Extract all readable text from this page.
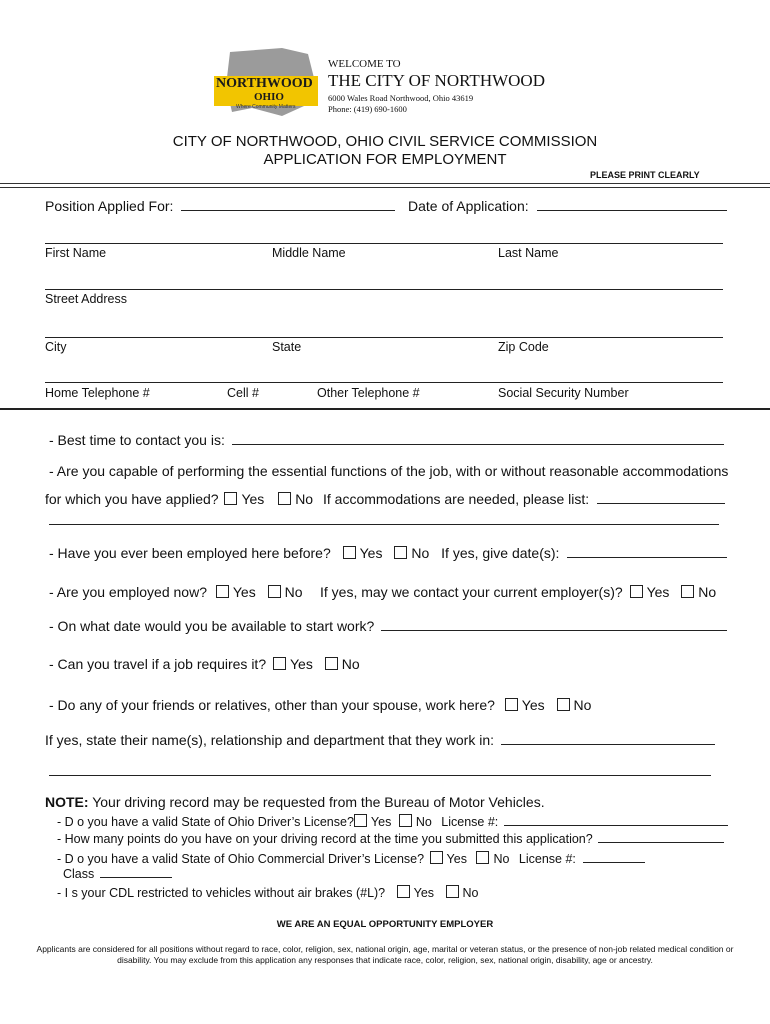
NORTHWOOD
OHIO
Where Community Matters
WELCOME TO
THE CITY OF NORTHWOOD
6000 Wales Road Northwood, Ohio 43619
Phone: (419) 690-1600
CITY OF NORTHWOOD, OHIO CIVIL SERVICE COMMISSION
APPLICATION FOR EMPLOYMENT
PLEASE PRINT CLEARLY
Position Applied For:	Date of Application:
First Name	Middle Name	Last Name
Street Address
City	State	Zip Code
Home Telephone #	Cell #	Other Telephone #	Social Security Number
- Best time to contact you is:
- Are you capable of performing the essential functions of the job, with or without reasonable accommodations
for which you have applied? Yes No If accommodations are needed, please list:
- Have you ever been employed here before? Yes No If yes, give date(s):
- Are you employed now? Yes No If yes, may we contact your current employer(s)? Yes No
- On what date would you be available to start work?
- Can you travel if a job requires it? Yes No
- Do any of your friends or relatives, other than your spouse, work here? Yes No
If yes, state their name(s), relationship and department that they work in:
NOTE: Your driving record may be requested from the Bureau of Motor Vehicles.
- D o you have a valid State of Ohio Driver’s License? Yes No License #:
- How many points do you have on your driving record at the time you submitted this application?
- D o you have a valid State of Ohio Commercial Driver’s License? Yes No License #:
Class
- I s your CDL restricted to vehicles without air brakes (#L)? Yes No
WE ARE AN EQUAL OPPORTUNITY EMPLOYER
Applicants are considered for all positions without regard to race, color, religion, sex, national origin, age, marital or veteran status, or the presence of non-job related medical condition or
disability. You may exclude from this application any responses that indicate race, color, religion, sex, national origin, disability, age or ancestry.
